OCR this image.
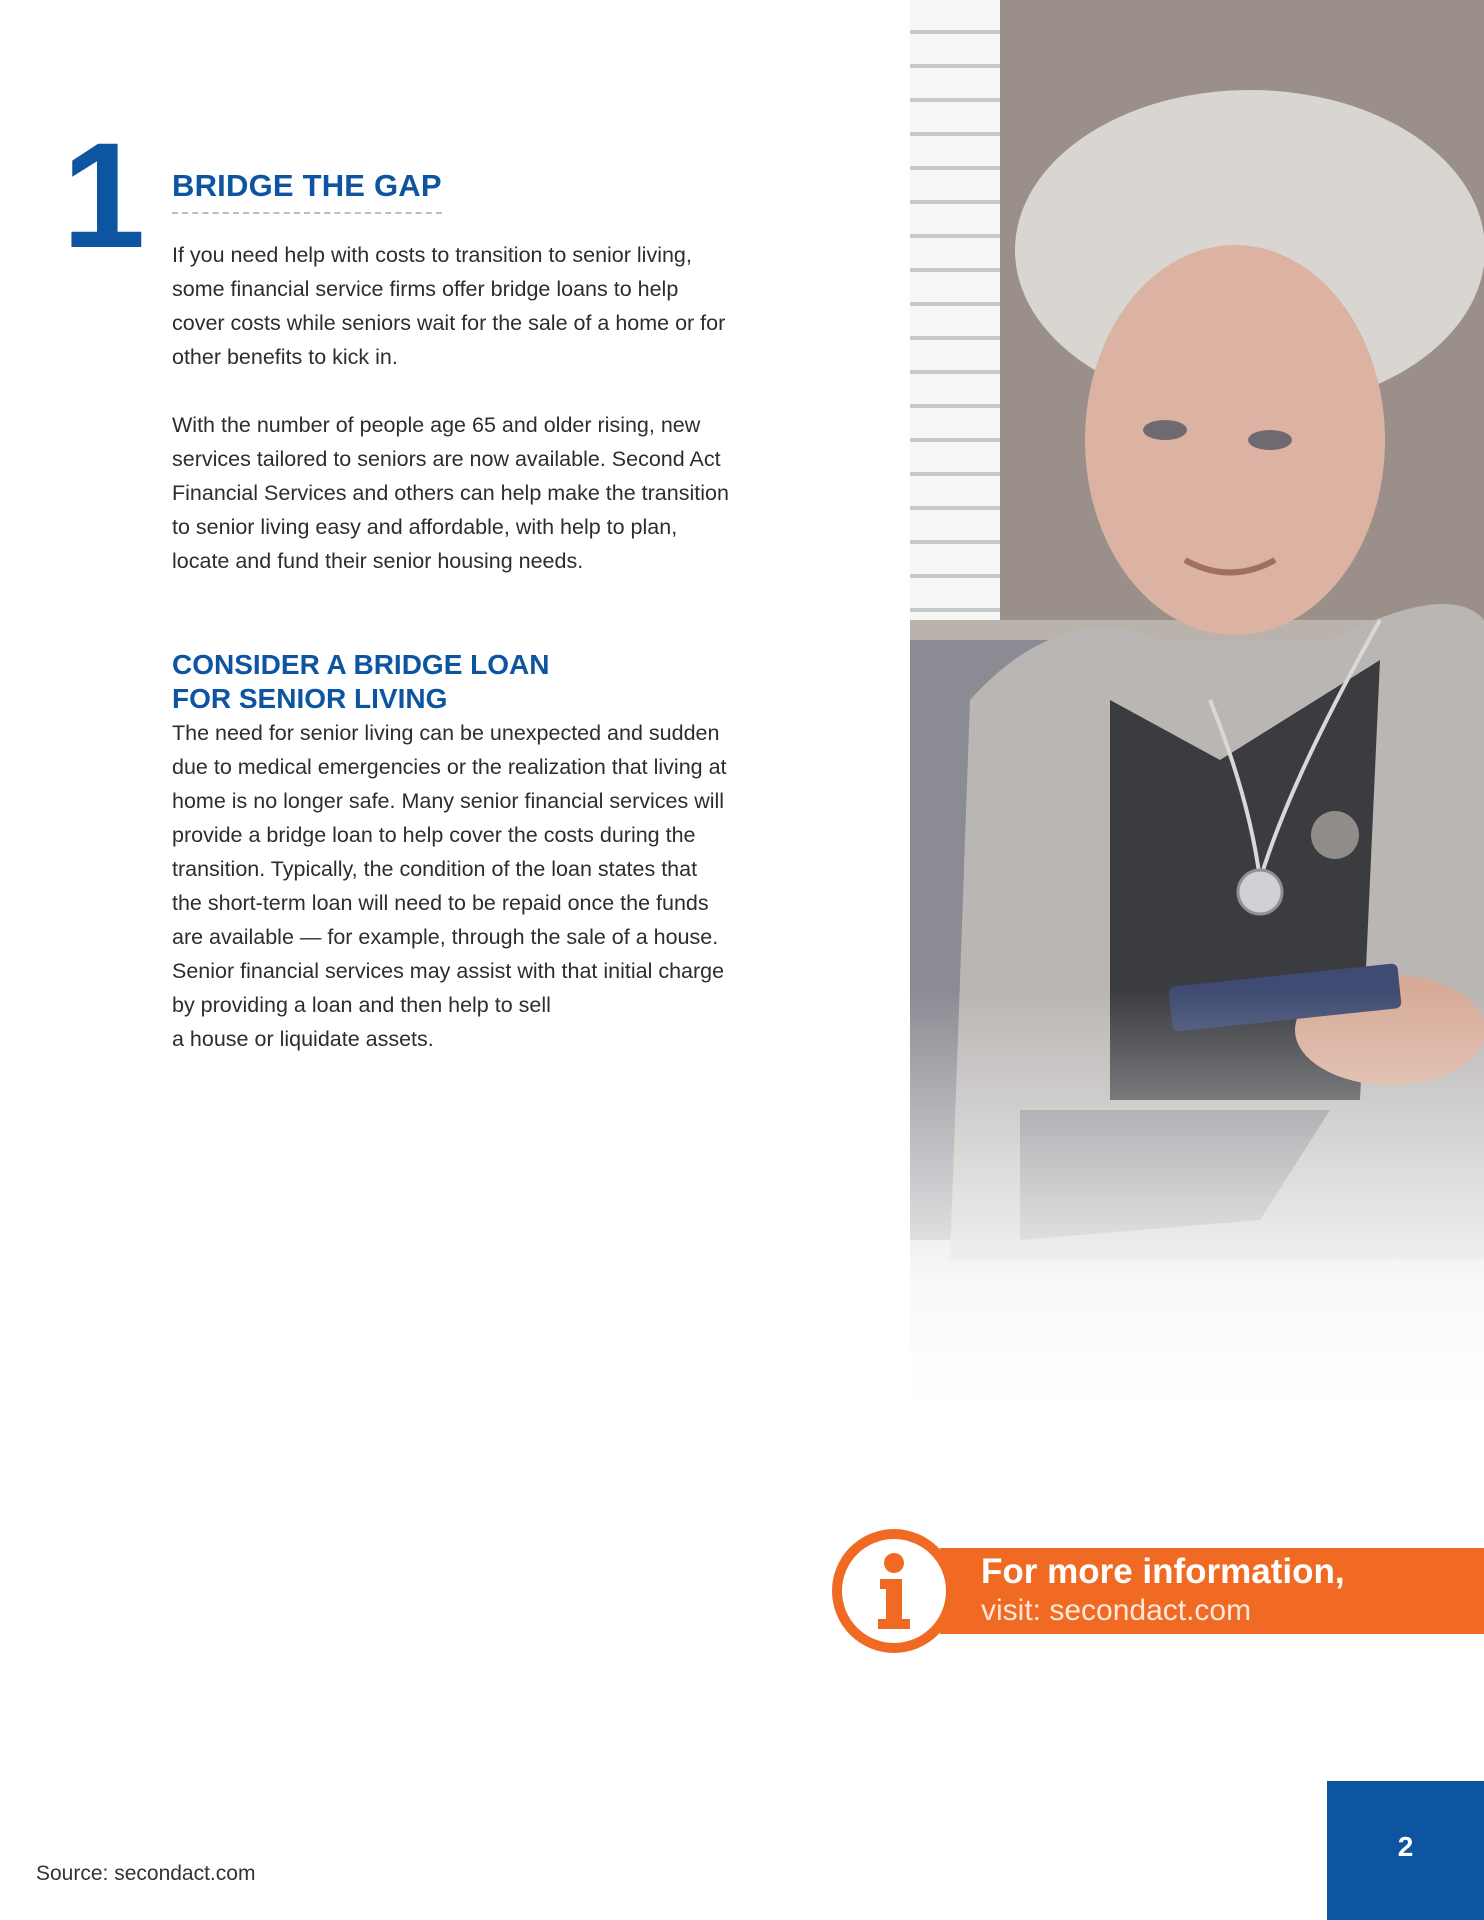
1 BRIDGE THE GAP

If you need help with costs to transition to senior living,
some financial service firms offer bridge loans to help
cover costs while seniors wait for the sale of a home or for
other benefits to kick in.

With the number of people age 65 and older rising, new
services tailored to seniors are now available. Second Act
Financial Services and others can help make the transition
to senior living easy and affordable, with help to plan,
locate and fund their senior housing needs.

CONSIDER A BRIDGE LOAN
FOR SENIOR LIVING

The need for senior living can be unexpected and sudden
due to medical emergencies or the realization that living at
home is no longer safe. Many senior financial services will
provide a bridge loan to help cover the costs during the
transition. Typically, the condition of the loan states that
the short-term loan will need to be repaid once the funds
are available — for example, through the sale of a house.
Senior financial services may assist with that initial charge
by providing a loan and then help to sell
a house or liquidate assets.

For more information,
visit: secondact.com
Source: secondact.com
2
